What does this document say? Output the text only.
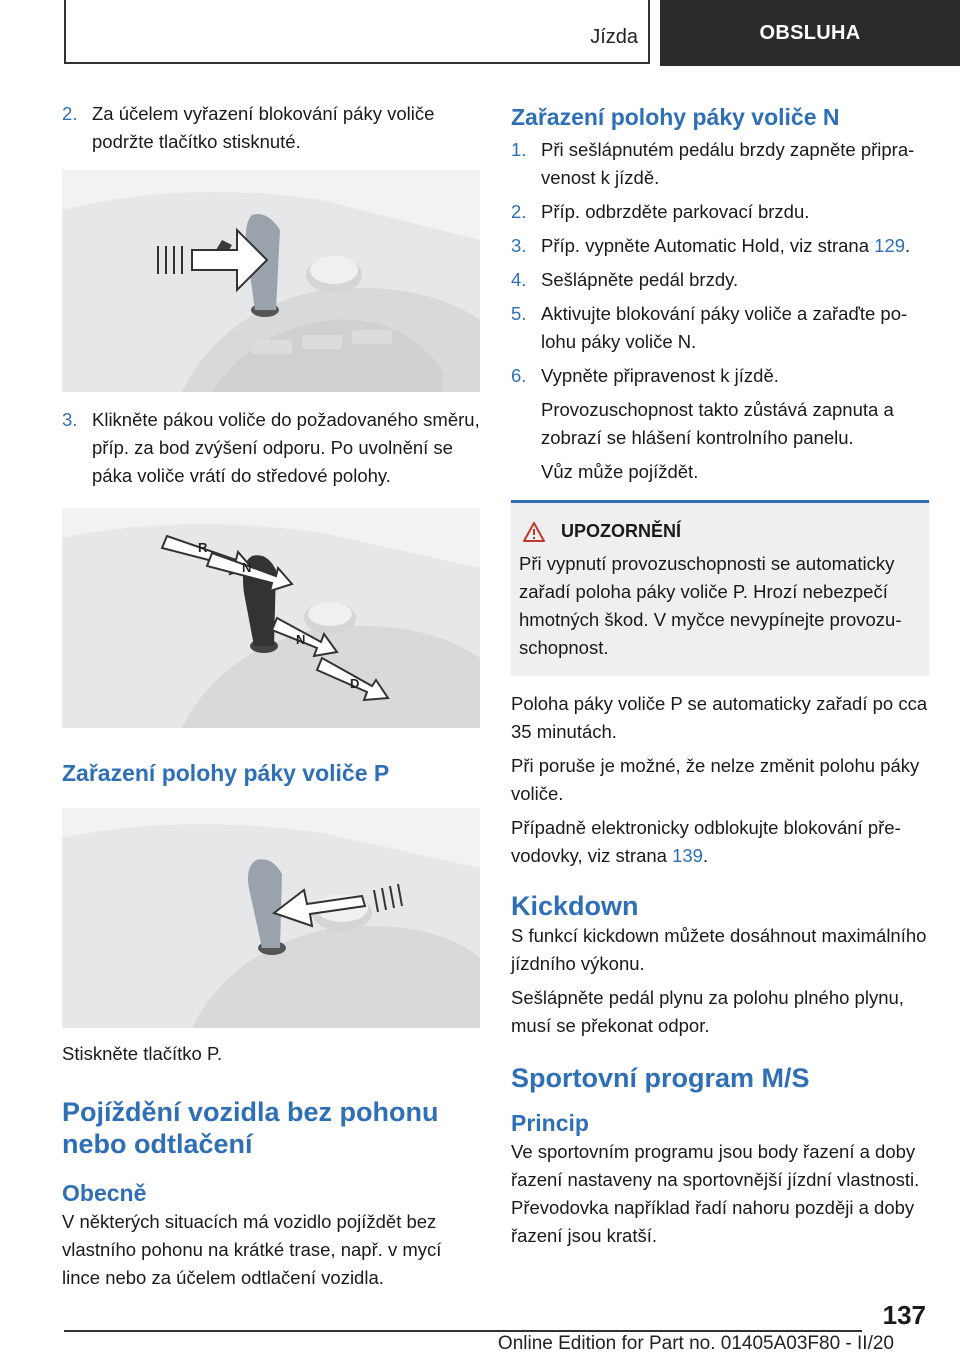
Jízda	OBSLUHA
2. Za účelem vyřazení blokování páky voliče podržte tlačítko stisknuté.
3. Klikněte pákou voliče do požadovaného směru, příp. za bod zvýšení odporu. Po uvolnění se páka voliče vrátí do středové polohy.
R
N
N
D
Zařazení polohy páky voliče P

Stiskněte tlačítko P.

Pojíždění vozidla bez pohonu nebo odtlačení
Obecně

V některých situacích má vozidlo pojíždět bez vlastního pohonu na krátké trase, např. v mycí lince nebo za účelem odtlačení vozidla.

Zařazení polohy páky voliče N
1. Při sešlápnutém pedálu brzdy zapněte připravenost k jízdě.
2. Příp. odbrzděte parkovací brzdu.
3. Příp. vypněte Automatic Hold, viz strana 129.
4. Sešlápněte pedál brzdy.
5. Aktivujte blokování páky voliče a zařaďte polohu páky voliče N.
6. Vypněte připravenost k jízdě.
Provozuschopnost takto zůstává zapnuta a zobrazí se hlášení kontrolního panelu.
Vůz může pojíždět.
UPOZORNĚNÍ

Při vypnutí provozuschopnosti se automaticky zařadí poloha páky voliče P. Hrozí nebezpečí hmotných škod. V myčce nevypínejte provozuschopnost.

Poloha páky voliče P se automaticky zařadí po cca 35 minutách.

Při poruše je možné, že nelze změnit polohu páky voliče.

Případně elektronicky odblokujte blokování převodovky, viz strana 139.

Kickdown

S funkcí kickdown můžete dosáhnout maximálního jízdního výkonu.

Sešlápněte pedál plynu za polohu plného plynu, musí se překonat odpor.

Sportovní program M/S
Princip

Ve sportovním programu jsou body řazení a doby řazení nastaveny na sportovnější jízdní vlastnosti. Převodovka například řadí nahoru později a doby řazení jsou kratší.

137
Online Edition for Part no. 01405A03F80 - II/20
